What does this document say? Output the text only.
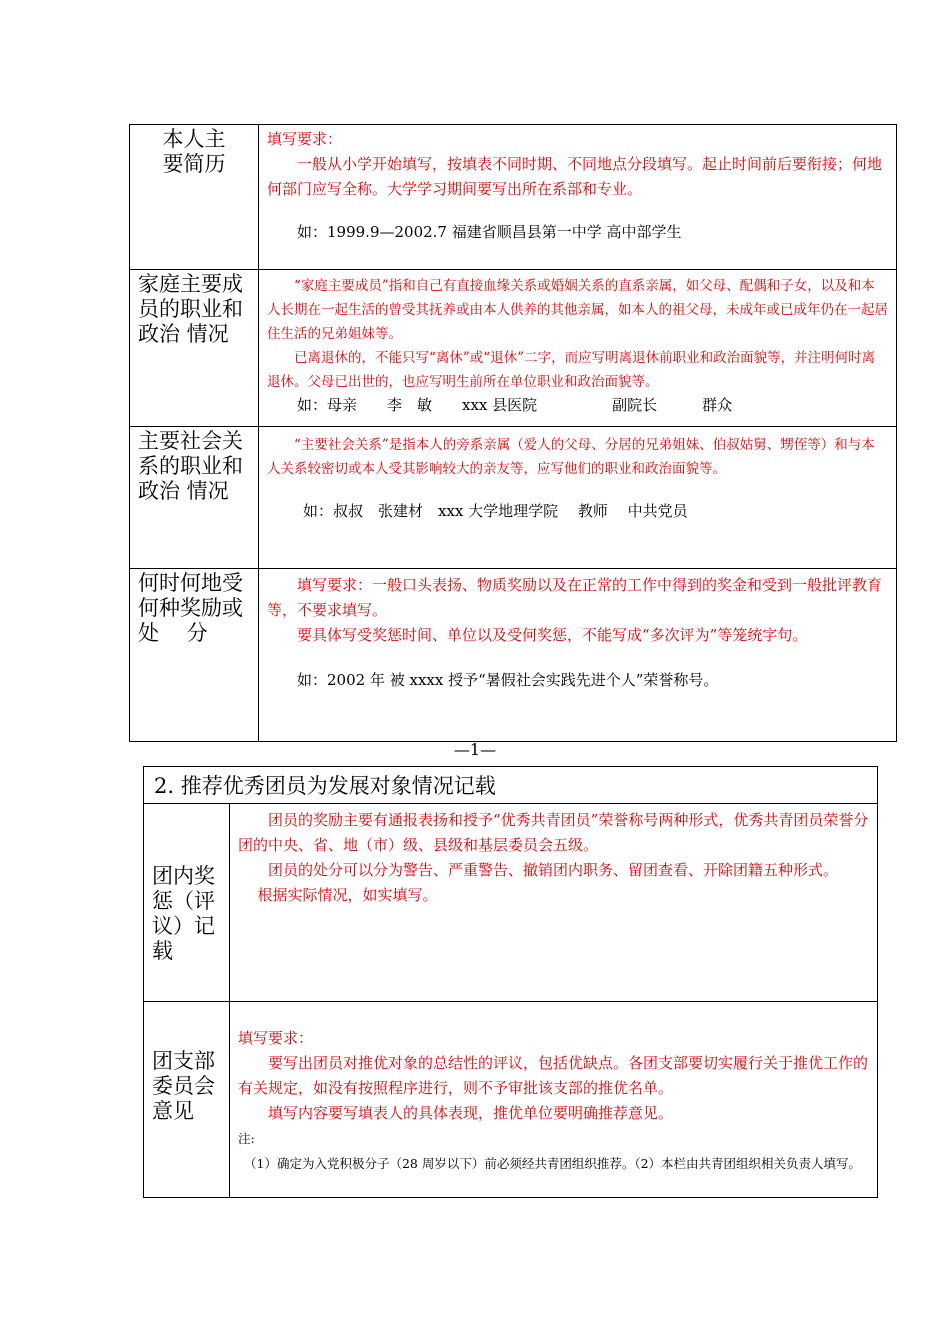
本人主要简历	填写要求：

一般从小学开始填写，按填表不同时期、不同地点分段填写。起止时间前后要衔接；何地何部门应写全称。大学学习期间要写出所在系部和专业。

如：1999.9—2002.7 福建省顺昌县第一中学 高中部学生

家庭主要成员的职业和政治 情况	“家庭主要成员”指和自己有直接血缘关系或婚姻关系的直系亲属，如父母、配偶和子女，以及和本人长期在一起生活的曾受其抚养或由本人供养的其他亲属，如本人的祖父母，未成年或已成年仍在一起居住生活的兄弟姐妹等。

已离退休的，不能只写“离休”或“退休”二字，而应写明离退休前职业和政治面貌等，并注明何时离退休。父母已出世的，也应写明生前所在单位职业和政治面貌等。

如：母亲　　李　敏　　xxx 县医院　　　　　副院长　　　群众

主要社会关系的职业和政治 情况	“主要社会关系”是指本人的旁系亲属（爱人的父母、分居的兄弟姐妹、伯叔姑舅、甥侄等）和与本人关系较密切或本人受其影响较大的亲友等，应写他们的职业和政治面貌等。

如：叔叔　张建材　xxx 大学地理学院　 教师　 中共党员

何时何地受何种奖励或处　 分	填写要求：一般口头表扬、物质奖励以及在正常的工作中得到的奖金和受到一般批评教育等，不要求填写。

要具体写受奖惩时间、单位以及受何奖惩，不能写成“多次评为”等笼统字句。

如：2002 年 被 xxxx 授予“暑假社会实践先进个人”荣誉称号。

—1—
2. 推荐优秀团员为发展对象情况记载	
团内奖惩（评议）记载	团员的奖励主要有通报表扬和授予“优秀共青团员”荣誉称号两种形式，优秀共青团员荣誉分团的中央、省、地（市）级、县级和基层委员会五级。

团员的处分可以分为警告、严重警告、撤销团内职务、留团查看、开除团籍五种形式。

根据实际情况，如实填写。

团支部委员会意见	填写要求：

要写出团员对推优对象的总结性的评议，包括优缺点。各团支部要切实履行关于推优工作的有关规定，如没有按照程序进行，则不予审批该支部的推优名单。

填写内容要写填表人的具体表现，推优单位要明确推荐意见。

注:

（1）确定为入党积极分子（28 周岁以下）前必须经共青团组织推荐。（2）本栏由共青团组织相关负责人填写。
